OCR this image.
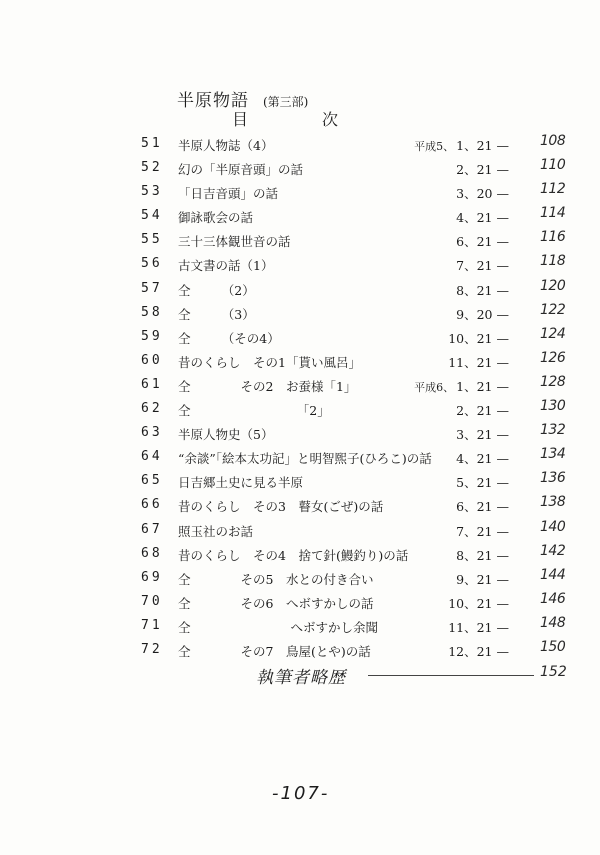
半原物語 (第三部)
目	次
51 半原人物誌（4）	平成5、 1、21 — 108
52 幻の「半原音頭」の話	2、21 — 110
53 「日吉音頭」の話	3、20 — 112
54 御詠歌会の話	4、21 — 114
55 三十三体観世音の話	6、21 — 116
56 古文書の話（1）	7、21 — 118
57 仝　　　（2）	8、21 — 120
58 仝　　　（3）	9、20 — 122
59 仝　　　（その4）	10、21 — 124
60 昔のくらし　その1「貰い風呂」	11、21 — 126
61 仝　　　　その2　お蚕様「1」	平成6、 1、21 — 128
62 仝　　　　　　　　　「2」	2、21 — 130
63 半原人物史（5）	3、21 — 132
64 “余談”「絵本太功記」と明智煕子(ひろこ)の話 4、21 — 134
65 日吉郷土史に見る半原	5、21 — 136
66 昔のくらし　その3　瞽女(ごぜ)の話	6、21 — 138
67 照玉社のお話	7、21 — 140
68 昔のくらし　その4　捨て針(鰻釣り)の話	8、21 — 142
69 仝　　　　その5　水との付き合い	9、21 — 144
70 仝　　　　その6　へボすかしの話	10、21 — 146
71 仝　　　　　　　　へボすかし余聞	11、21 — 148
72 仝　　　　その7　鳥屋(とや)の話	12、21 — 150
執筆者略歴	152
-107-
